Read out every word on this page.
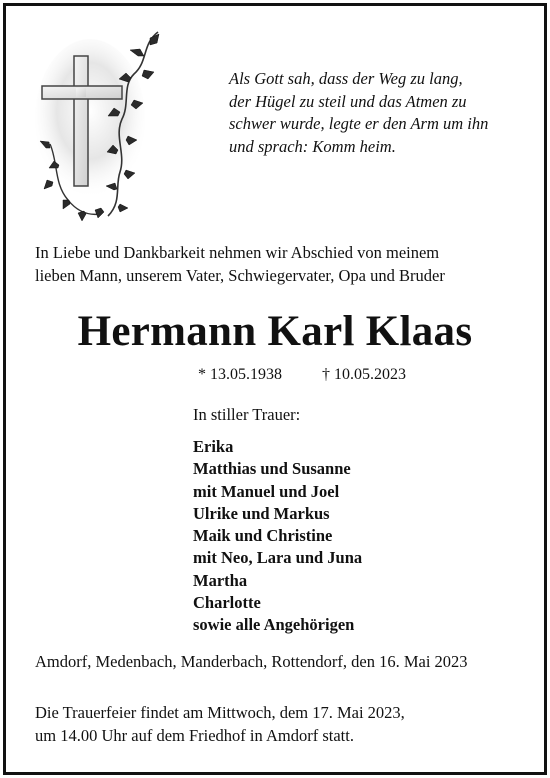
Als Gott sah, dass der Weg zu lang,
der Hügel zu steil und das Atmen zu
schwer wurde, legte er den Arm um ihn
und sprach: Komm heim.
In Liebe und Dankbarkeit nehmen wir Abschied von meinem
lieben Mann, unserem Vater, Schwiegervater, Opa und Bruder
Hermann Karl Klaas
* 13.05.1938	† 10.05.2023
In stiller Trauer:
Erika
Matthias und Susanne
mit Manuel und Joel
Ulrike und Markus
Maik und Christine
mit Neo, Lara und Juna
Martha
Charlotte
sowie alle Angehörigen
Amdorf, Medenbach, Manderbach, Rottendorf, den 16. Mai 2023
Die Trauerfeier findet am Mittwoch, dem 17. Mai 2023,
um 14.00 Uhr auf dem Friedhof in Amdorf statt.
